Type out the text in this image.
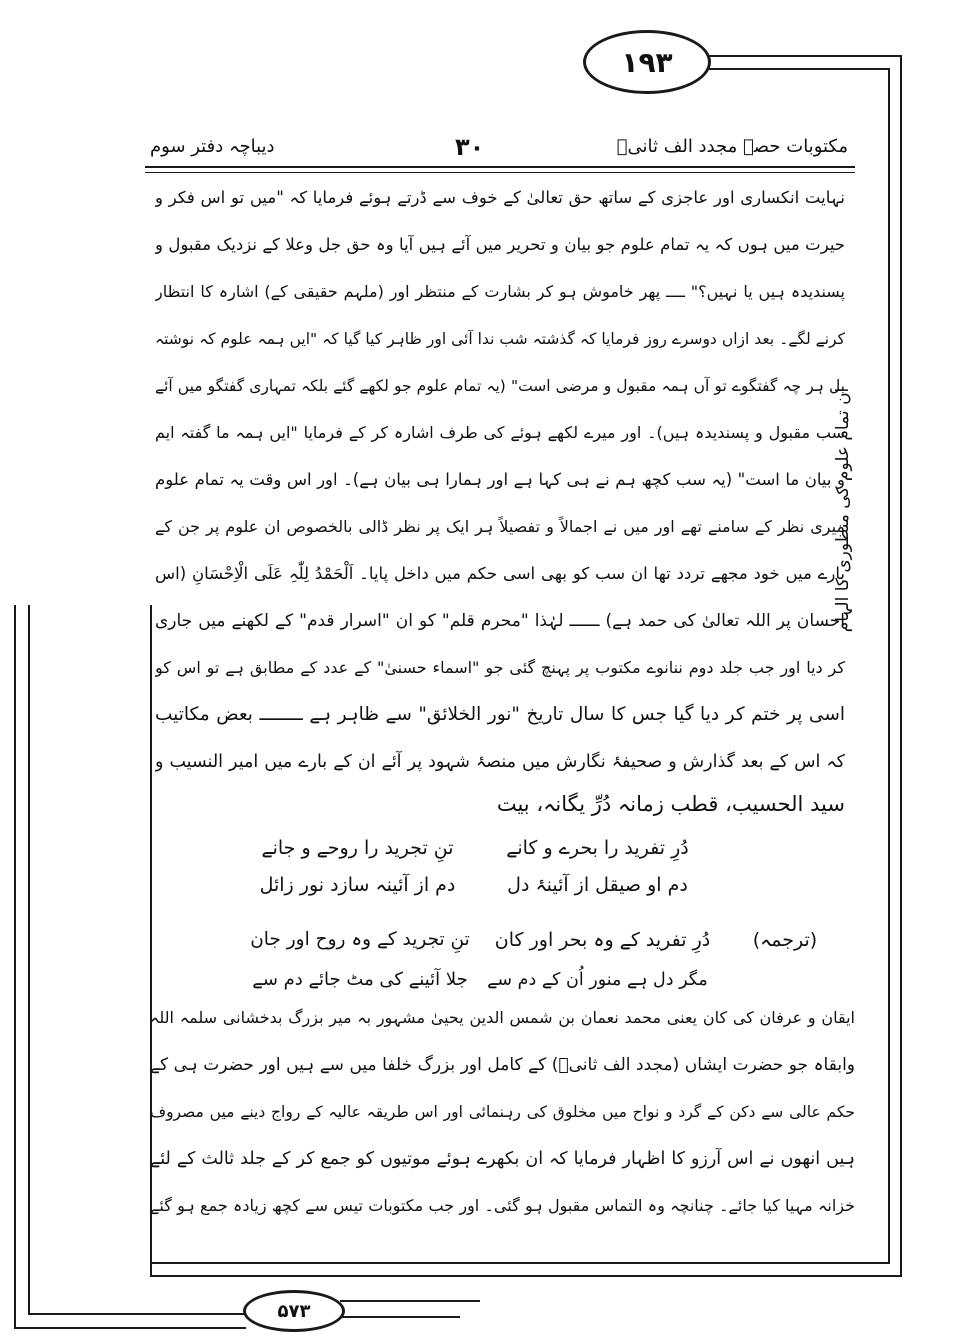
۱۹۳
۵۷۳
مکتوبات حصہ مجدد الف ثانیؒ
۳۰
دیباچہ دفتر سوم
ان تمام علوم کی منظوری کا الہام
نہایت انکساری اور عاجزی کے ساتھ حق تعالیٰ کے خوف سے ڈرتے ہوئے فرمایا کہ "میں تو اس فکر و
حیرت میں ہوں کہ یہ تمام علوم جو بیان و تحریر میں آئے ہیں آیا وہ حق جل وعلا کے نزدیک مقبول و
پسندیدہ ہیں یا نہیں؟" ــــ پھر خاموش ہو کر بشارت کے منتظر اور (ملہم حقیقی کے) اشارہ کا انتظار
کرنے لگے۔ بعد ازاں دوسرے روز فرمایا کہ گذشتہ شب ندا آئی اور ظاہر کیا گیا کہ "ایں ہمہ علوم کہ نوشتہ
بل ہر چہ گفتگوے تو آں ہمہ مقبول و مرضی است" (یہ تمام علوم جو لکھے گئے بلکہ تمہاری گفتگو میں آئے
سب مقبول و پسندیدہ ہیں)۔ اور میرے لکھے ہوئے کی طرف اشارہ کر کے فرمایا "ایں ہمہ ما گفتہ ایم
و بیان ما است" (یہ سب کچھ ہم نے ہی کہا ہے اور ہمارا ہی بیان ہے)۔ اور اس وقت یہ تمام علوم
میری نظر کے سامنے تھے اور میں نے اجمالاً و تفصیلاً ہر ایک پر نظر ڈالی بالخصوص ان علوم پر جن کے
بارے میں خود مجھے تردد تھا ان سب کو بھی اسی حکم میں داخل پایا۔ اَلْحَمْدُ لِلّٰہِ عَلَی الْاِحْسَانِ (اس
احسان پر اللہ تعالیٰ کی حمد ہے) ــــــ لہٰذا "محرم قلم" کو ان "اسرار قدم" کے لکھنے میں جاری
کر دیا اور جب جلد دوم ننانوے مکتوب پر پہنچ گئی جو "اسماء حسنیٰ" کے عدد کے مطابق ہے تو اس کو
اسی پر ختم کر دیا گیا جس کا سال تاریخ "نور الخلائق" سے ظاہر ہے ــــــــ بعض مکاتیب
کہ اس کے بعد گذارش و صحیفۂ نگارش میں منصۂ شہود پر آئے ان کے بارے میں امیر النسیب و
سید الحسیب، قطب زمانہ دُرِّ یگانہ، بیت
دُرِ تفرید را بحرے و کانے
تنِ تجرید را روحے و جانے
دم او صیقل از آئینۂ دل
دم از آئینہ سازد نور زائل
(ترجمہ)
دُرِ تفرید کے وہ بحر اور کان
تنِ تجرید کے وہ روح اور جان
مگر دل ہے منور اُن کے دم سے
جلا آئینے کی مٹ جائے دم سے
ایقان و عرفان کی کان یعنی محمد نعمان بن شمس الدین یحییٰ مشہور بہ میر بزرگ بدخشانی سلمہ اللہ
وابقاہ جو حضرت ایشاں (مجدد الف ثانیؒ) کے کامل اور بزرگ خلفا میں سے ہیں اور حضرت ہی کے
حکم عالی سے دکن کے گرد و نواح میں مخلوق کی رہنمائی اور اس طریقہ عالیہ کے رواج دینے میں مصروف
ہیں انھوں نے اس آرزو کا اظہار فرمایا کہ ان بکھرے ہوئے موتیوں کو جمع کر کے جلد ثالث کے لئے
خزانہ مہیا کیا جائے۔ چنانچہ وہ التماس مقبول ہو گئی۔ اور جب مکتوبات تیس سے کچھ زیادہ جمع ہو گئے
